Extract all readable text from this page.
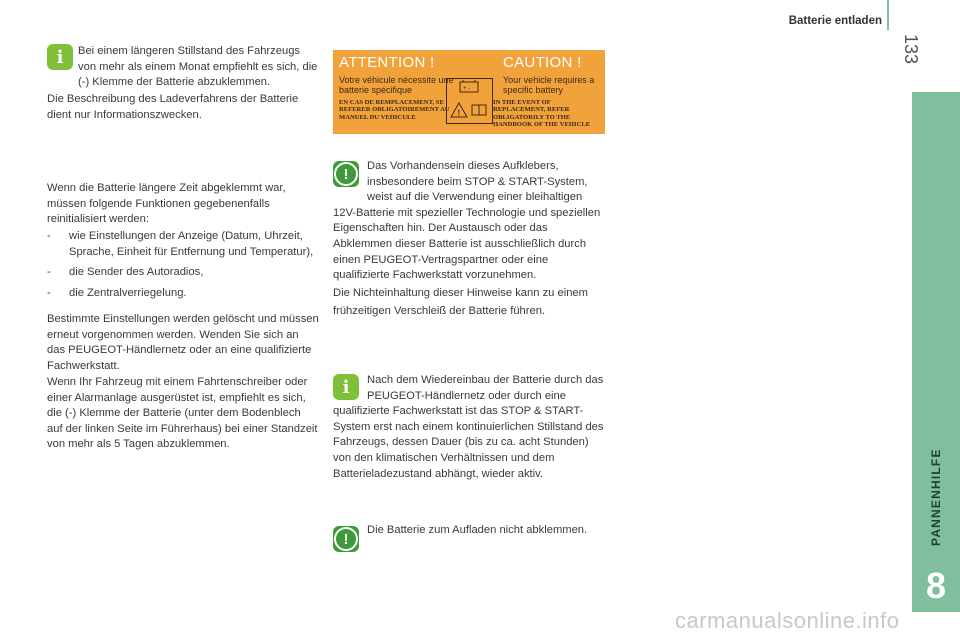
Batterie entladen
133
PANNENHILFE
8
i	Bei einem längeren Stillstand des Fahrzeugs von mehr als einem Monat empfiehlt es sich, die (-) Klemme der Batterie abzuklemmen.

Die Beschreibung des Ladeverfahrens der Batterie dient nur Informationszwecken.

Wenn die Batterie längere Zeit abgeklemmt war, müssen folgende Funktionen gegebenenfalls reinitialisiert werden:

- wie Einstellungen der Anzeige (Datum, Uhrzeit, Sprache, Einheit für Entfernung und Temperatur),
- die Sender des Autoradios,
- die Zentralverriegelung.

Bestimmte Einstellungen werden gelöscht und müssen erneut vorgenommen werden. Wenden Sie sich an das PEUGEOT-Händlernetz oder an eine qualifizierte Fachwerkstatt.

Wenn Ihr Fahrzeug mit einem Fahrtenschreiber oder einer Alarmanlage ausgerüstet ist, empfiehlt es sich, die (-) Klemme der Batterie (unter dem Bodenblech auf der linken Seite im Führerhaus) bei einer Standzeit von mehr als 5 Tagen abzuklemmen.

ATTENTION !
Votre véhicule nécessite une batterie spécifique
EN CAS DE REMPLACEMENT, SE REFERER OBLIGATOIREMENT AU MANUEL DU VEHICULE
CAUTION !
Your vehicle requires a specific battery
IN THE EVENT OF REPLACEMENT, REFER OBLIGATORILY TO THE HANDBOOK OF THE VEHICLE
+ -
!
!	Das Vorhandensein dieses Aufklebers, insbesondere beim STOP & START-System, weist auf die Verwendung einer bleihaltigen 12V-Batterie mit spezieller Technologie und speziellen Eigenschaften hin. Der Austausch oder das Abklemmen dieser Batterie ist ausschließlich durch einen PEUGEOT-Vertragspartner oder eine qualifizierte Fachwerkstatt vorzunehmen.

Die Nichteinhaltung dieser Hinweise kann zu einem frühzeitigen Verschleiß der Batterie führen.

i	Nach dem Wiedereinbau der Batterie durch das PEUGEOT-Händlernetz oder durch eine qualifizierte Fachwerkstatt ist das STOP & START-System erst nach einem kontinuierlichen Stillstand des Fahrzeugs, dessen Dauer (bis zu ca. acht Stunden) von den klimatischen Verhältnissen und dem Batterieladezustand abhängt, wieder aktiv.
!

Die Batterie zum Aufladen nicht abklemmen.

carmanualsonline.info
